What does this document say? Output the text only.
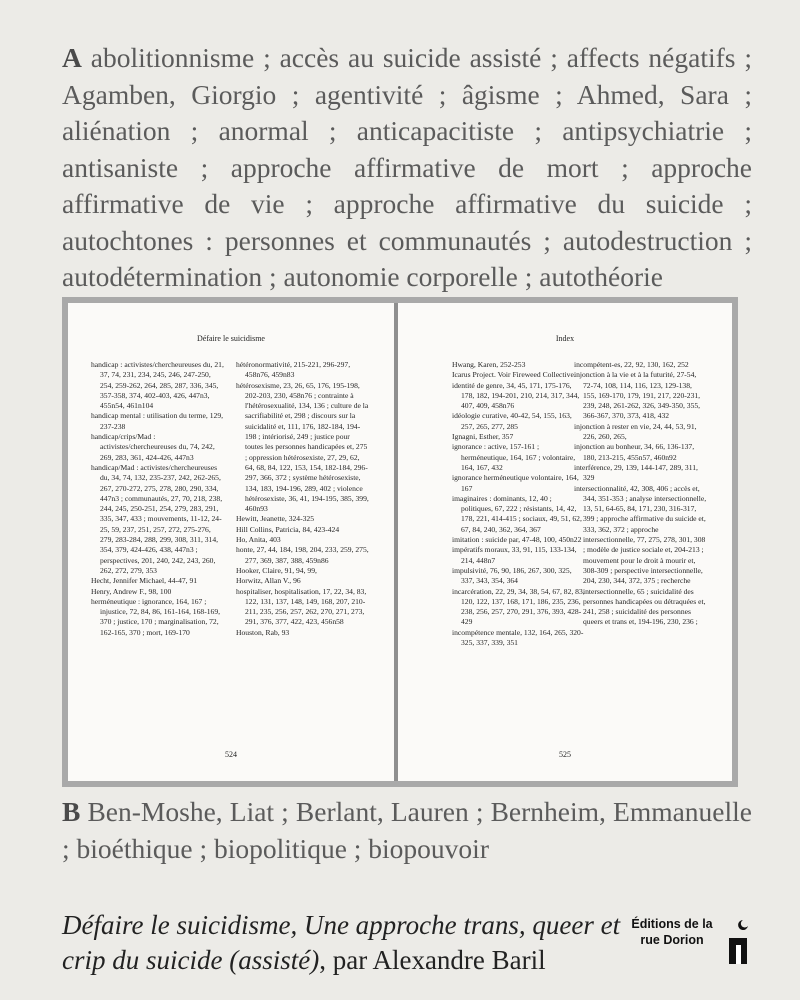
A abolitionnisme ; accès au suicide assisté ; affects négatifs ; Agamben, Giorgio ; agentivité ; âgisme ; Ahmed, Sara ; aliénation ; anormal ; anticapacitiste ; antipsychiatrie ; antisaniste ; approche affirmative de mort ; approche affirmative de vie ; approche affirmative du suicide ; autochtones : personnes et communautés ; autodestruction ; autodétermination ; autonomie corporelle ; autothéorie
Défaire le suicidisme
handicap : activistes/chercheureuses du, 21, 37, 74, 231, 234, 245, 246, 247-250, 254, 259-262, 264, 285, 287, 336, 345, 357-358, 374, 402-403, 426, 447n3, 455n54, 461n104
handicap mental : utilisation du terme, 129, 237-238
handicap/crips/Mad : activistes/chercheureuses du, 74, 242, 269, 283, 361, 424-426, 447n3
handicap/Mad : activistes/chercheureuses du, 34, 74, 132, 235-237, 242, 262-265, 267, 270-272, 275, 278, 280, 290, 334, 447n3 ; communautés, 27, 70, 218, 238, 244, 245, 250-251, 254, 279, 283, 291, 335, 347, 433 ; mouvements, 11-12, 24-25, 59, 237, 251, 257, 272, 275-276, 279, 283-284, 288, 299, 308, 311, 314, 354, 379, 424-426, 438, 447n3 ; perspectives, 201, 240, 242, 243, 260, 262, 272, 279, 353
Hecht, Jennifer Michael, 44-47, 91
Henry, Andrew F., 98, 100
herméneutique : ignorance, 164, 167 ; injustice, 72, 84, 86, 161-164, 168-169, 370 ; justice, 170 ; marginalisation, 72, 162-165, 370 ; mort, 169-170
hétéronormativité, 215-221, 296-297, 458n76, 459n83
hétérosexisme, 23, 26, 65, 176, 195-198, 202-203, 230, 458n76 ; contrainte à l'hétérosexualité, 134, 136 ; culture de la sacrifiabilité et, 298 ; discours sur la suicidalité et, 111, 176, 182-184, 194-198 ; intériorisé, 249 ; justice pour toutes les personnes handicapées et, 275 ; oppression hétérosexiste, 27, 29, 62, 64, 68, 84, 122, 153, 154, 182-184, 296-297, 366, 372 ; système hétérosexiste, 134, 183, 194-196, 289, 402 ; violence hétérosexiste, 36, 41, 194-195, 385, 399, 460n93
Hewitt, Jeanette, 324-325
Hill Collins, Patricia, 84, 423-424
Ho, Anita, 403
honte, 27, 44, 184, 198, 204, 233, 259, 275, 277, 369, 387, 388, 459n86
Hooker, Claire, 91, 94, 99,
Horwitz, Allan V., 96
hospitaliser, hospitalisation, 17, 22, 34, 83, 122, 131, 137, 148, 149, 168, 207, 210-211, 235, 256, 257, 262, 270, 271, 273, 291, 376, 377, 422, 423, 456n58
Houston, Rab, 93
524
Index
Hwang, Karen, 252-253
Icarus Project. Voir Fireweed Collective.
identité de genre, 34, 45, 171, 175-176, 178, 182, 194-201, 210, 214, 317, 344, 407, 409, 458n76
idéologie curative, 40-42, 54, 155, 163, 257, 265, 277, 285
Ignagni, Esther, 357
ignorance : active, 157-161 ; herméneutique, 164, 167 ; volontaire, 164, 167, 432
ignorance herméneutique volontaire, 164, 167
imaginaires : dominants, 12, 40 ; politiques, 67, 222 ; résistants, 14, 42, 178, 221, 414-415 ; sociaux, 49, 51, 62, 67, 84, 240, 362, 364, 367
imitation : suicide par, 47-48, 100, 450n22
impératifs moraux, 33, 91, 115, 133-134, 214, 448n7
impulsivité, 76, 90, 186, 267, 300, 325, 337, 343, 354, 364
incarcération, 22, 29, 34, 38, 54, 67, 82, 83, 120, 122, 137, 168, 171, 186, 235, 236, 238, 256, 257, 270, 291, 376, 393, 428-429
incompétence mentale, 132, 164, 265, 320-325, 337, 339, 351
incompétent-es, 22, 92, 130, 162, 252
injonction à la vie et à la futurité, 27-54, 72-74, 108, 114, 116, 123, 129-138, 155, 169-170, 179, 191, 217, 220-231, 239, 248, 261-262, 326, 349-350, 355, 366-367, 370, 373, 418, 432
injonction à rester en vie, 24, 44, 53, 91, 226, 260, 265,
injonction au bonheur, 34, 66, 136-137, 180, 213-215, 455n57, 460n92
interférence, 29, 139, 144-147, 289, 311, 329
intersectionnalité, 42, 308, 406 ; accès et, 344, 351-353 ; analyse intersectionnelle, 13, 51, 64-65, 84, 171, 230, 316-317, 399 ; approche affirmative du suicide et, 333, 362, 372 ; approche intersectionnelle, 77, 275, 278, 301, 308 ; modèle de justice sociale et, 204-213 ; mouvement pour le droit à mourir et, 308-309 ; perspective intersectionnelle, 204, 230, 344, 372, 375 ; recherche intersectionnelle, 65 ; suicidalité des personnes handicapées ou détraquées et, 241, 258 ; suicidalité des personnes queers et trans et, 194-196, 230, 236 ;
525
B Ben-Moshe, Liat ; Berlant, Lauren ; Bernheim, Emmanuelle ; bioéthique ; biopolitique ; biopouvoir
Défaire le suicidisme, Une approche trans, queer et crip du suicide (assisté), par Alexandre Baril
Éditions de la rue Dorion
